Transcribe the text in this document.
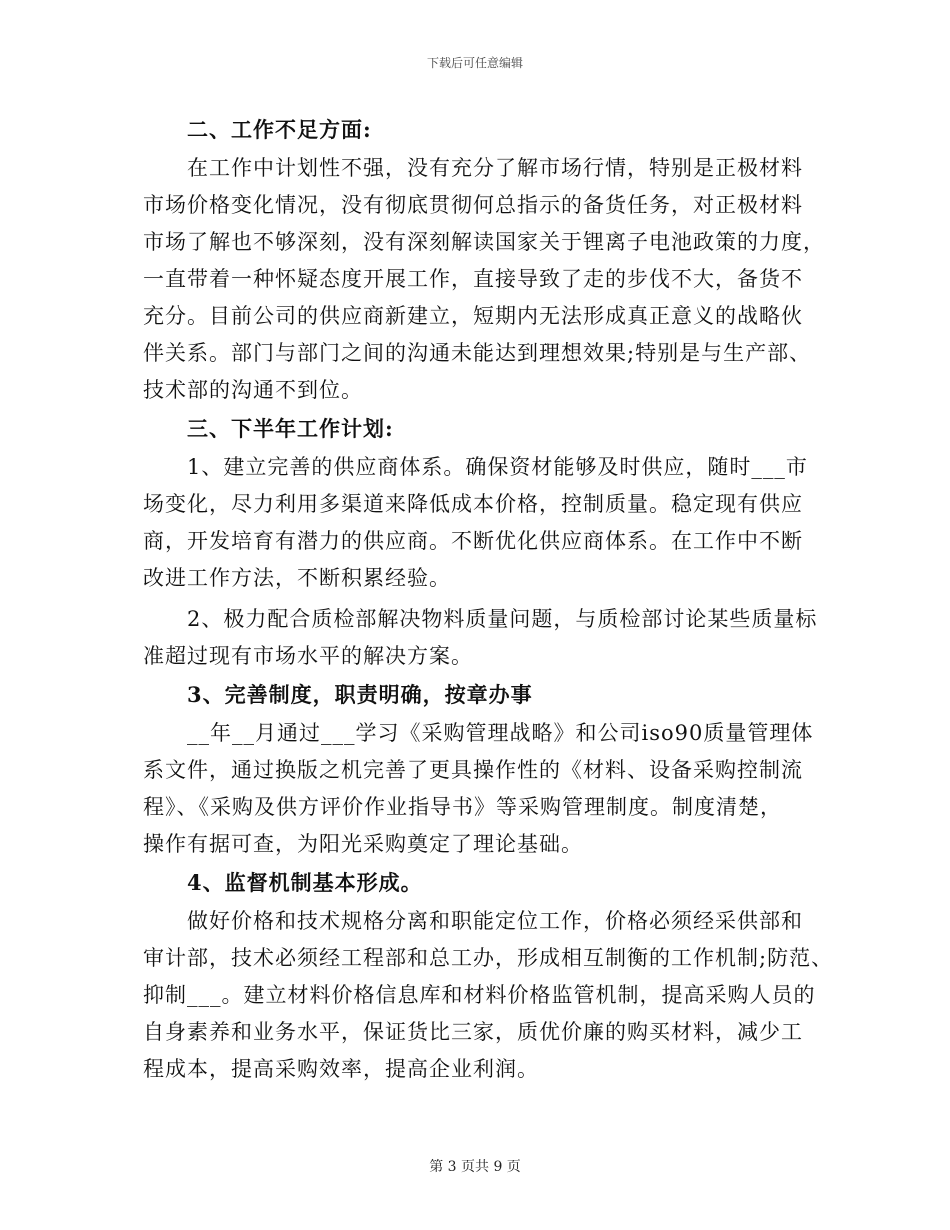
下载后可任意编辑
二、工作不足方面:
在工作中计划性不强，没有充分了解市场行情，特别是正极材料
市场价格变化情况，没有彻底贯彻何总指示的备货任务，对正极材料
市场了解也不够深刻，没有深刻解读国家关于锂离子电池政策的力度，
一直带着一种怀疑态度开展工作，直接导致了走的步伐不大，备货不
充分。目前公司的供应商新建立，短期内无法形成真正意义的战略伙
伴关系。部门与部门之间的沟通未能达到理想效果;特别是与生产部、
技术部的沟通不到位。
三、下半年工作计划:
1、建立完善的供应商体系。确保资材能够及时供应，随时___市
场变化，尽力利用多渠道来降低成本价格，控制质量。稳定现有供应
商，开发培育有潜力的供应商。不断优化供应商体系。在工作中不断
改进工作方法，不断积累经验。
2、极力配合质检部解决物料质量问题，与质检部讨论某些质量标
准超过现有市场水平的解决方案。
3、完善制度，职责明确，按章办事
__年__月通过___学习《采购管理战略》和公司iso90质量管理体
系文件，通过换版之机完善了更具操作性的《材料、设备采购控制流
程》、《采购及供方评价作业指导书》等采购管理制度。制度清楚，
操作有据可查，为阳光采购奠定了理论基础。
4、监督机制基本形成。
做好价格和技术规格分离和职能定位工作，价格必须经采供部和
审计部，技术必须经工程部和总工办，形成相互制衡的工作机制;防范、
抑制___。建立材料价格信息库和材料价格监管机制，提高采购人员的
自身素养和业务水平，保证货比三家，质优价廉的购买材料，减少工
程成本，提高采购效率，提高企业利润。
第 3 页共 9 页
